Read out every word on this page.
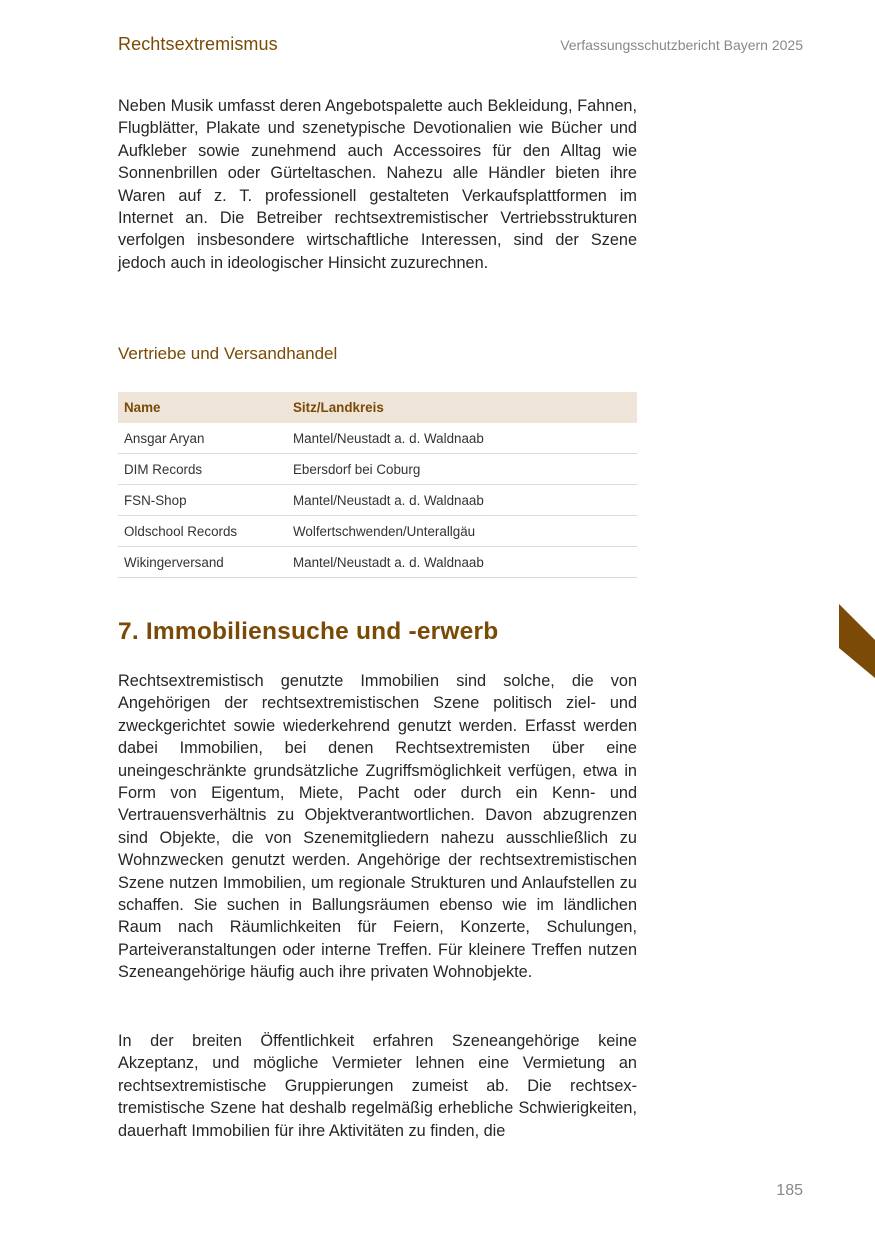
Rechtsextremismus	Verfassungsschutzbericht Bayern 2025

Neben Musik umfasst deren Angebotspalette auch Bekleidung, Fahnen, Flugblätter, Plakate und szenetypische Devotionalien wie Bücher und Aufkleber sowie zunehmend auch Accessoires für den Alltag wie Sonnenbrillen oder Gürteltaschen. Nahezu alle Händler bieten ihre Waren auf z. T. professionell gestalteten Verkaufsplattformen im Internet an. Die Betreiber rechtsextremistischer Vertriebsstrukturen verfolgen insbesondere wirtschaftliche Interessen, sind der Szene jedoch auch in ideologischer Hinsicht zuzurechnen.

Vertriebe und Versandhandel
Name	Sitz/Landkreis
Ansgar Aryan	Mantel/Neustadt a. d. Waldnaab
DIM Records	Ebersdorf bei Coburg
FSN-Shop	Mantel/Neustadt a. d. Waldnaab
Oldschool Records	Wolfertschwenden/Unterallgäu
Wikingerversand	Mantel/Neustadt a. d. Waldnaab
7. Immobiliensuche und -erwerb

Rechtsextremistisch genutzte Immobilien sind solche, die von Angehörigen der rechtsextremistischen Szene politisch ziel- und zweckgerichtet sowie wiederkehrend genutzt werden. Erfasst werden dabei Immobilien, bei denen Rechtsextremisten über eine uneingeschränkte grundsätzliche Zugriffsmöglichkeit verfügen, etwa in Form von Eigentum, Miete, Pacht oder durch ein Kenn- und Vertrauensverhältnis zu Objektverantwortlichen. Davon abzugrenzen sind Objekte, die von Szenemitgliedern nahezu ausschließlich zu Wohnzwecken genutzt werden. Angehörige der rechtsextremistischen Szene nutzen Immobilien, um regionale Strukturen und Anlaufstellen zu schaffen. Sie suchen in Ballungsräumen ebenso wie im ländlichen Raum nach Räumlichkeiten für Feiern, Konzerte, Schulungen, Parteiveranstaltungen oder interne Treffen. Für kleinere Treffen nutzen Szeneangehörige häufig auch ihre privaten Wohnobjekte.

In der breiten Öffentlichkeit erfahren Szeneangehörige keine Akzeptanz, und mögliche Vermieter lehnen eine Vermietung an rechtsextremistische Gruppierungen zumeist ab. Die rechtsextremistische Szene hat deshalb regelmäßig erhebliche Schwierigkeiten, dauerhaft Immobilien für ihre Aktivitäten zu finden, die

185
